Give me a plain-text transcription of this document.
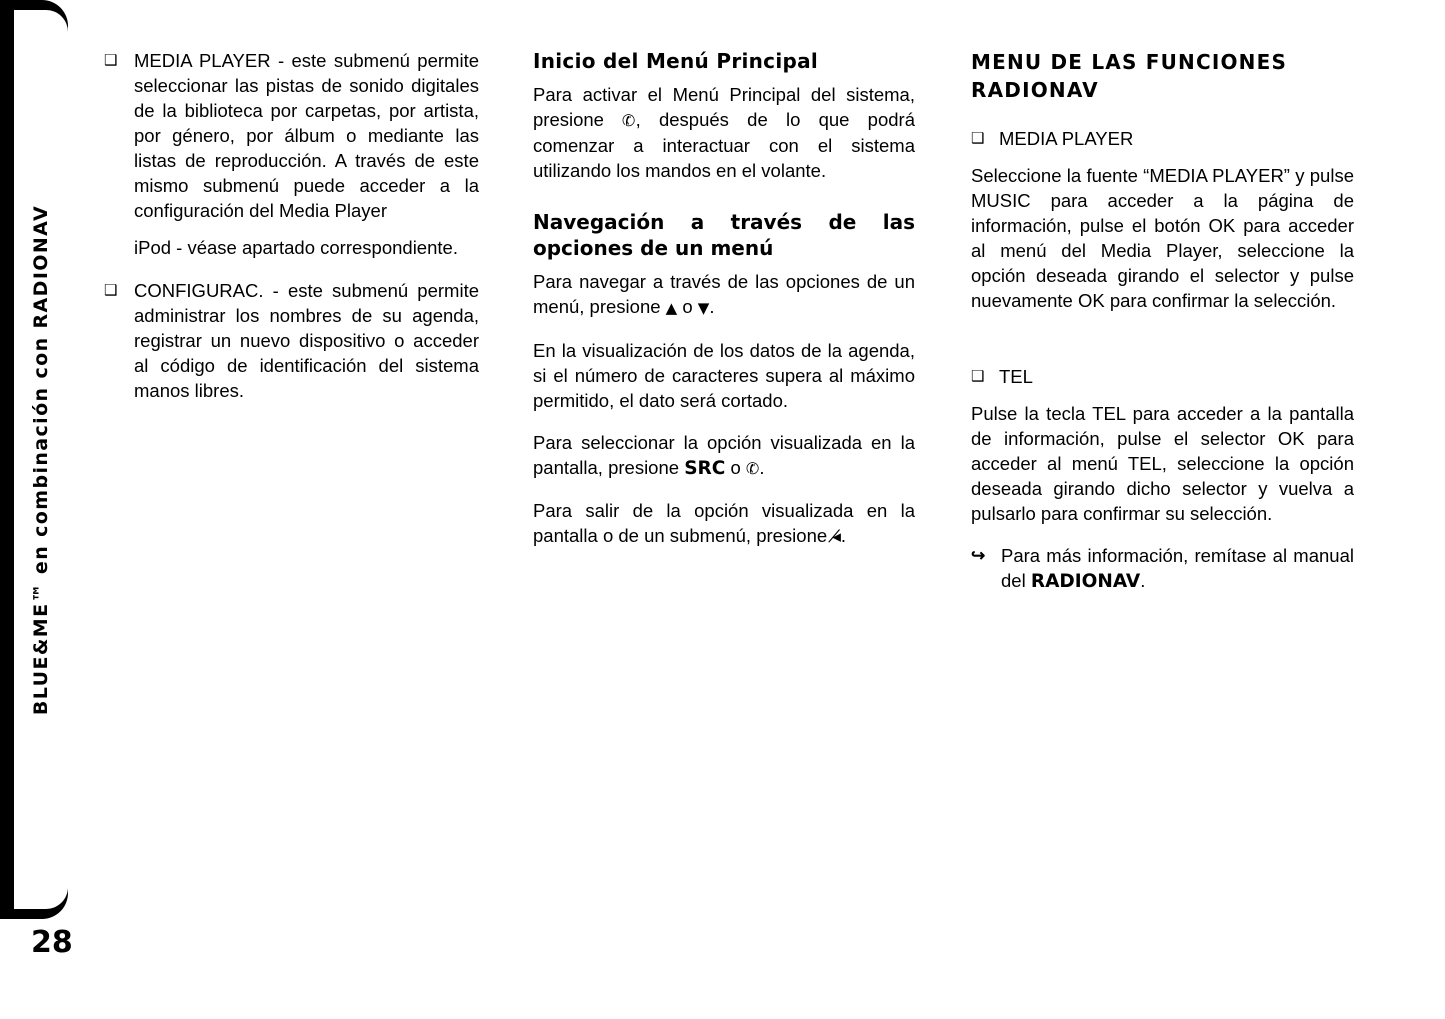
BLUE&ME™ en combinación con RADIONAV
28
❑ MEDIA PLAYER - este submenú permite seleccionar las pistas de sonido digitales de la biblioteca por carpetas, por artista, por género, por álbum o mediante las listas de reproducción. A través de este mismo submenú puede acceder a la configuración del Media Player
iPod - véase apartado correspondiente.
❑ CONFIGURAC. - este submenú permite administrar los nombres de su agenda, registrar un nuevo dispositivo o acceder al código de identificación del sistema manos libres.
Inicio del Menú Principal

Para activar el Menú Principal del sistema, presione ✆, después de lo que podrá comenzar a interactuar con el sistema utilizando los mandos en el volante.

Navegación a través de las opciones de un menú

Para navegar a través de las opciones de un menú, presione ▲ o ▼.

En la visualización de los datos de la agenda, si el número de caracteres supera al máximo permitido, el dato será cortado.

Para seleccionar la opción visualizada en la pantalla, presione SRC o ✆.

Para salir de la opción visualizada en la pantalla o de un submenú, presione ◂̸.

MENU DE LAS FUNCIONES RADIONAV
❑ MEDIA PLAYER

Seleccione la fuente “MEDIA PLAYER” y pulse MUSIC para acceder a la página de información, pulse el botón OK para acceder al menú del Media Player, seleccione la opción deseada girando el selector y pulse nuevamente OK para confirmar la selección.

❑ TEL

Pulse la tecla TEL para acceder a la pantalla de información, pulse el selector OK para acceder al menú TEL, seleccione la opción deseada girando dicho selector y vuelva a pulsarlo para confirmar su selección.

↪ Para más información, remítase al manual del RADIONAV.
